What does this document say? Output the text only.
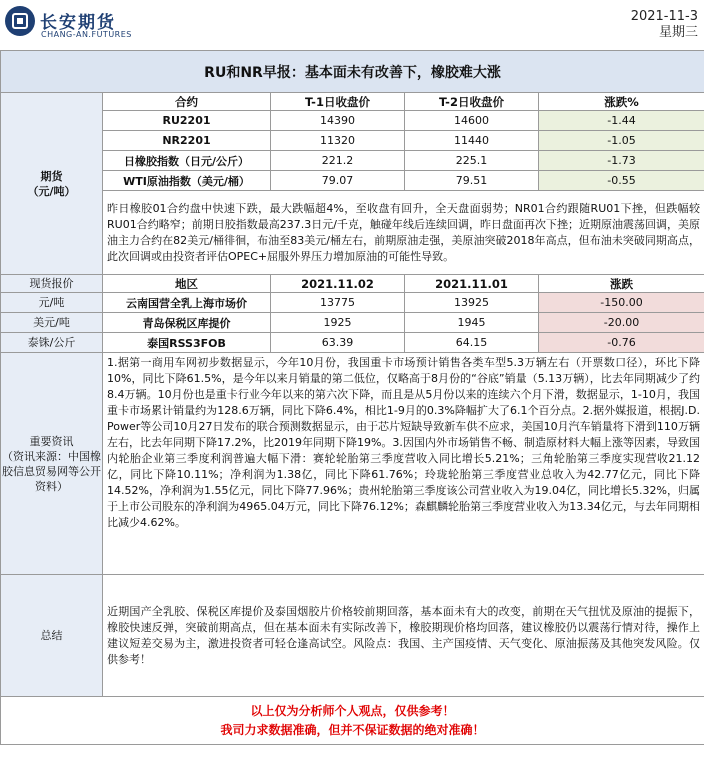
长安期货
CHANG-AN.FUTURES
2021-11-3
星期三
RU和NR早报：基本面未有改善下，橡胶难大涨				

期货
（元/吨）	合约	T-1日收盘价	T-2日收盘价	涨跌%
	RU2201	14390	14600	-1.44
	NR2201	11320	11440	-1.05
	日橡胶指数（日元/公斤）	221.2	225.1	-1.73
	WTI原油指数（美元/桶）	79.07	79.51	-0.55
	昨日橡胶01合约盘中快速下跌，最大跌幅超4%，至收盘有回升，全天盘面弱势；NR01合约跟随RU01下挫，但跌幅较RU01合约略窄；前期日胶指数最高237.3日元/千克，触碰年线后连续回调，昨日盘面再次下挫；近期原油震荡回调，美原油主力合约在82美元/桶徘徊，布油至83美元/桶左右，前期原油走强，美原油突破2018年高点，但布油未突破同期高点，此次回调或由投资者评估OPEC+屈服外界压力增加原油的可能性导致。			
现货报价	地区	2021.11.02	2021.11.01	涨跌
元/吨	云南国营全乳上海市场价	13775	13925	-150.00
美元/吨	青岛保税区库提价	1925	1945	-20.00
泰铢/公斤	泰国RSS3FOB	63.39	64.15	-0.76

重要资讯
（资讯来源：中国橡胶信息贸易网等公开资料）	1.据第一商用车网初步数据显示，今年10月份，我国重卡市场预计销售各类车型5.3万辆左右（开票数口径），环比下降10%，同比下降61.5%，是今年以来月销量的第二低位，仅略高于8月份的“谷底”销量（5.13万辆），比去年同期减少了约8.4万辆。10月份也是重卡行业今年以来的第六次下降，而且是从5月份以来的连续六个月下滑，数据显示，1-10月，我国重卡市场累计销量约为128.6万辆，同比下降6.4%，相比1-9月的0.3%降幅扩大了6.1个百分点。2.据外媒报道，根据J.D. Power等公司10月27日发布的联合预测数据显示，由于芯片短缺导致新车供不应求，美国10月汽车销量将下滑到110万辆左右，比去年同期下降17.2%，比2019年同期下降19%。3.因国内外市场销售不畅、制造原材料大幅上涨等因素，导致国内轮胎企业第三季度利润普遍大幅下滑：赛轮轮胎第三季度营收入同比增长5.21%；三角轮胎第三季度实现营收21.12亿，同比下降10.11%；净利润为1.38亿，同比下降61.76%；玲珑轮胎第三季度营业总收入为42.77亿元，同比下降14.52%，净利润为1.55亿元，同比下降77.96%；贵州轮胎第三季度该公司营业收入为19.04亿，同比增长5.32%，归属于上市公司股东的净利润为4965.04万元，同比下降76.12%；森麒麟轮胎第三季度营业收入为13.34亿元，与去年同期相比减少4.62%。			
总结	近期国产全乳胶、保税区库提价及泰国烟胶片价格较前期回落，基本面未有大的改变，前期在天气扭忧及原油的提振下，橡胶快速反弹，突破前期高点，但在基本面未有实际改善下，橡胶期现价格均回落，建议橡胶仍以震荡行情对待，操作上建议短差交易为主，激进投资者可轻仓逢高试空。风险点：我国、主产国疫情、天气变化、原油振荡及其他突发风险。仅供参考！			

以上仅为分析师个人观点，仅供参考！
我司力求数据准确，但并不保证数据的绝对准确！				
